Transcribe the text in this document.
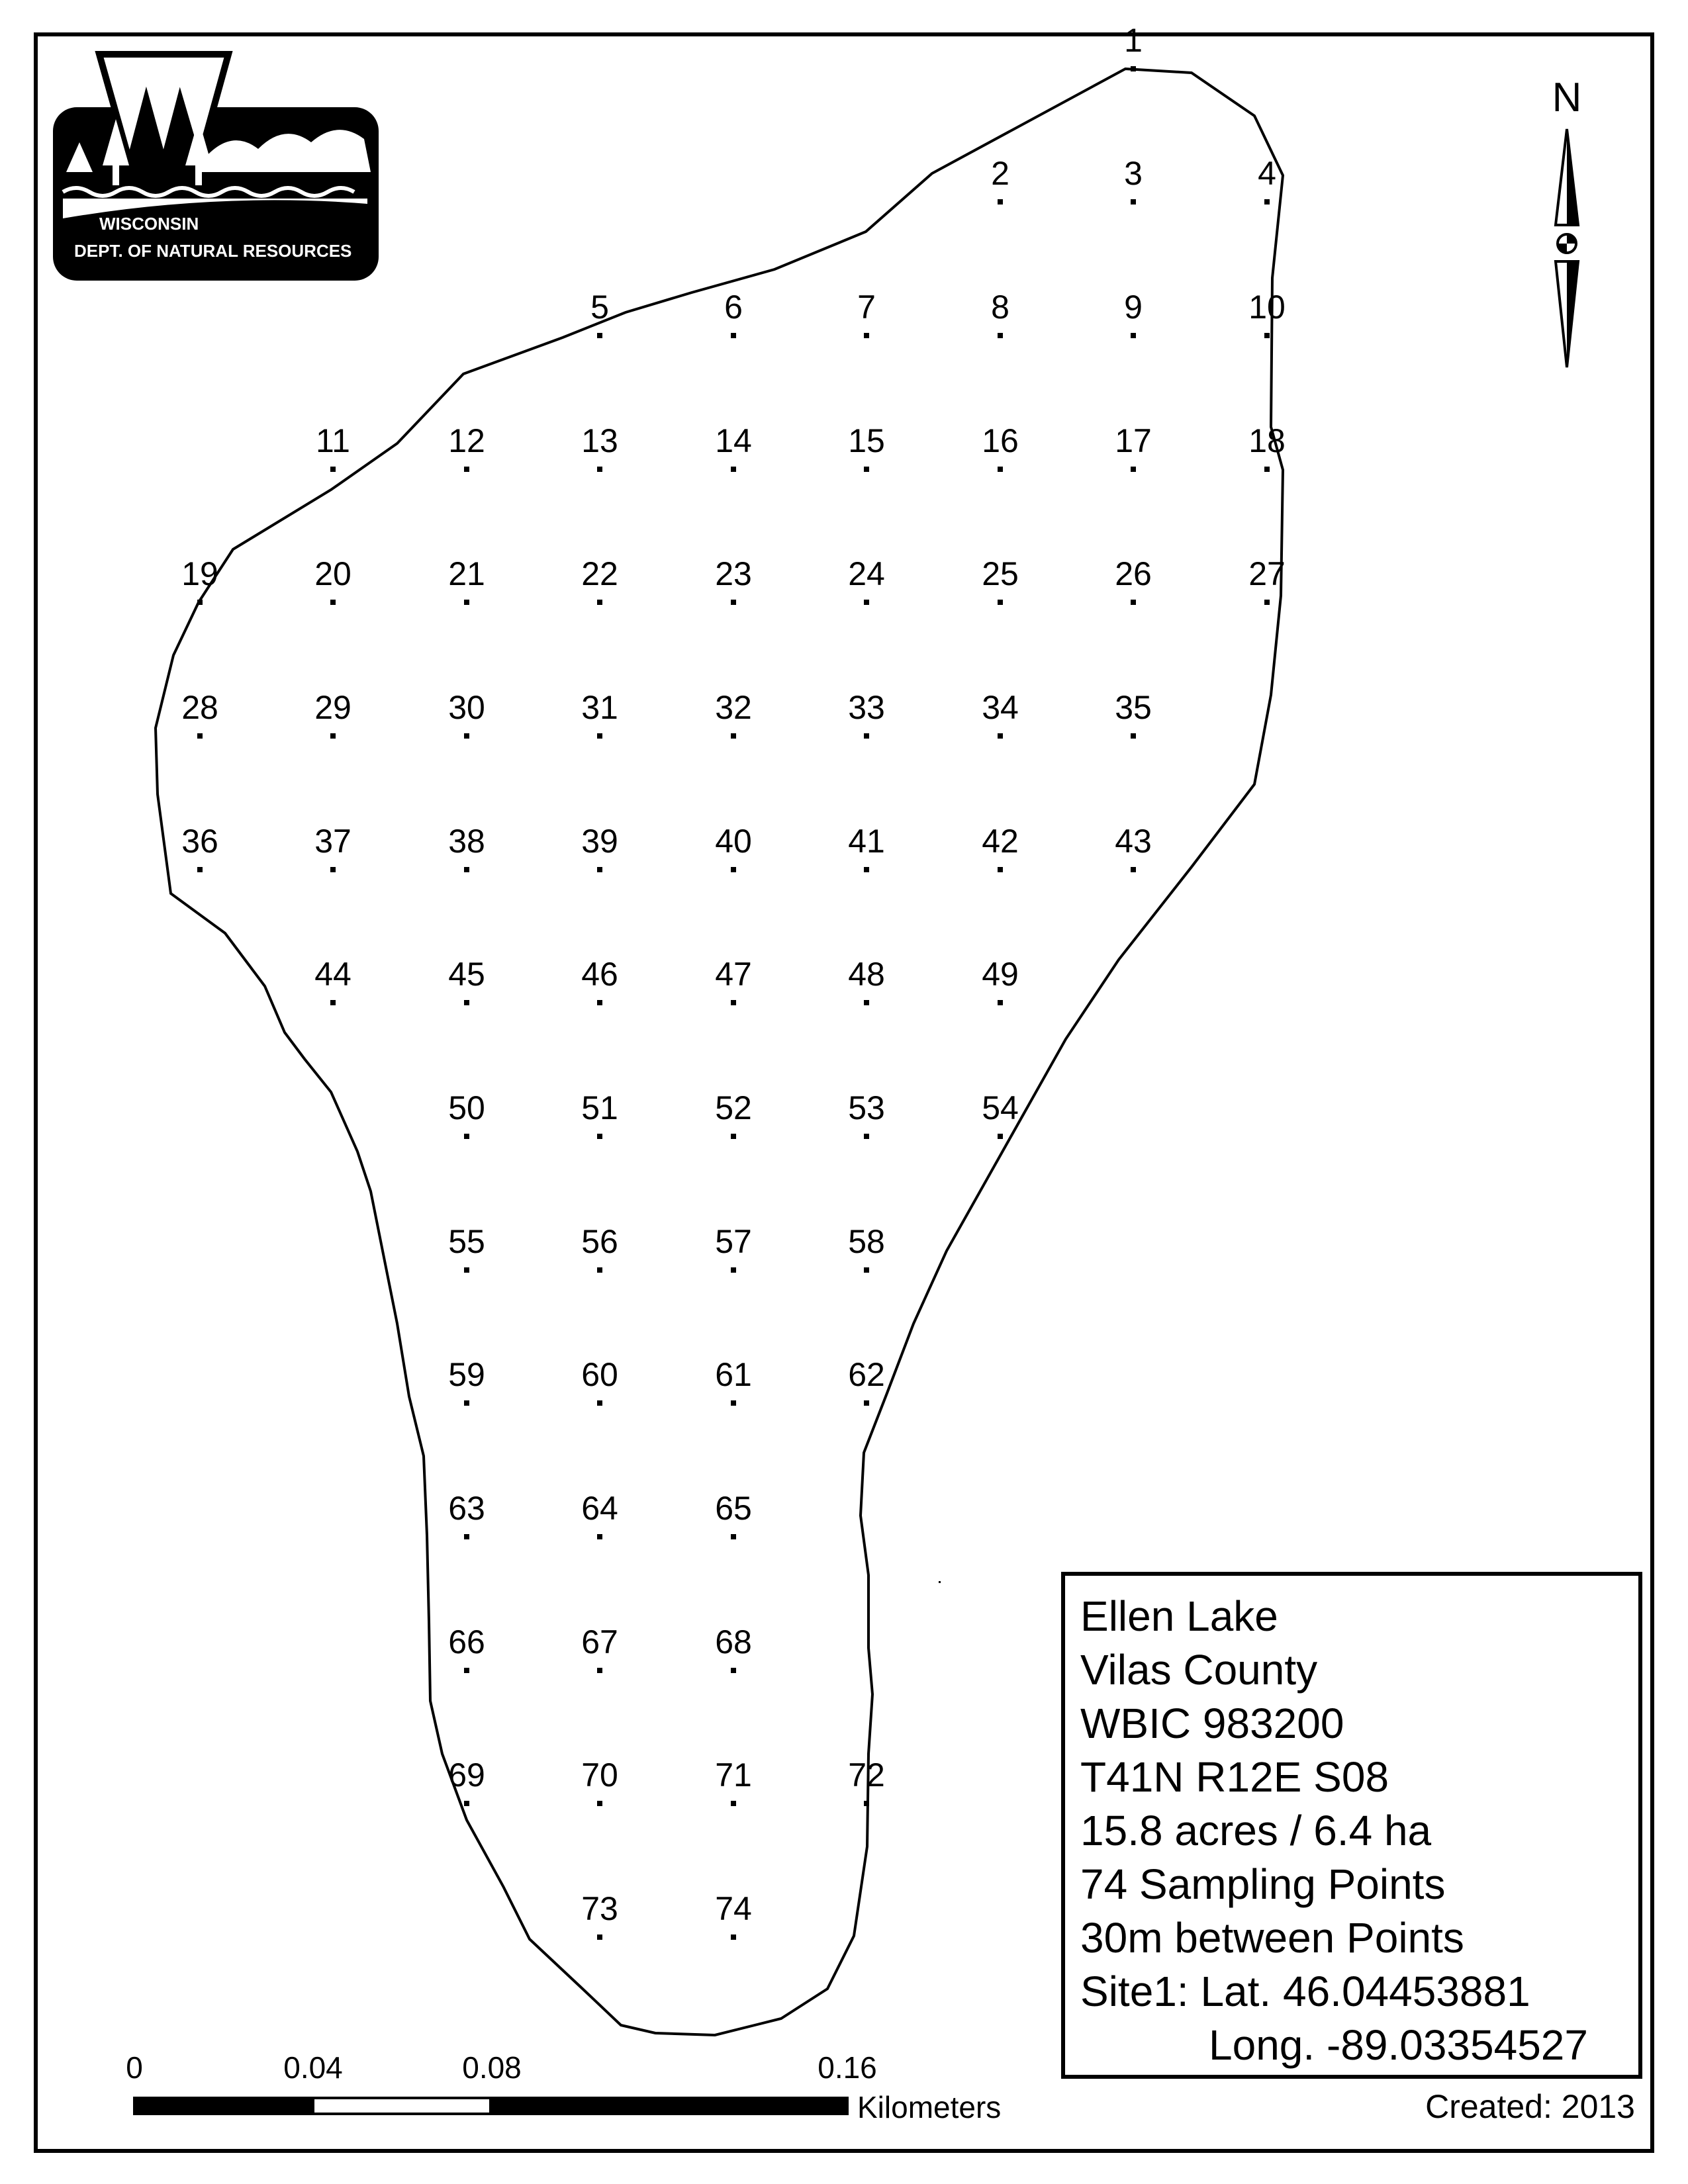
1
2	3	4
5	6	7	8	9	10
11	12	13	14	15	16	17	18
19	20	21	22	23	24	25	26	27
28	29	30	31	32	33	34	35
36	37	38	39	40	41	42	43
44	45	46	47	48	49
50	51	52	53	54
55	56	57	58
59	60	61	62
63	64	65
66	67	68
69	70	71	72
73	74
WISCONSIN
DEPT. OF NATURAL RESOURCES
N
0	0.04	0.08	0.16
Kilometers	Created: 2013
Ellen Lake
Vilas County
WBIC 983200
T41N R12E S08
15.8 acres / 6.4 ha
74 Sampling Points
30m between Points
Site1: Lat. 46.04453881
Long. -89.03354527
